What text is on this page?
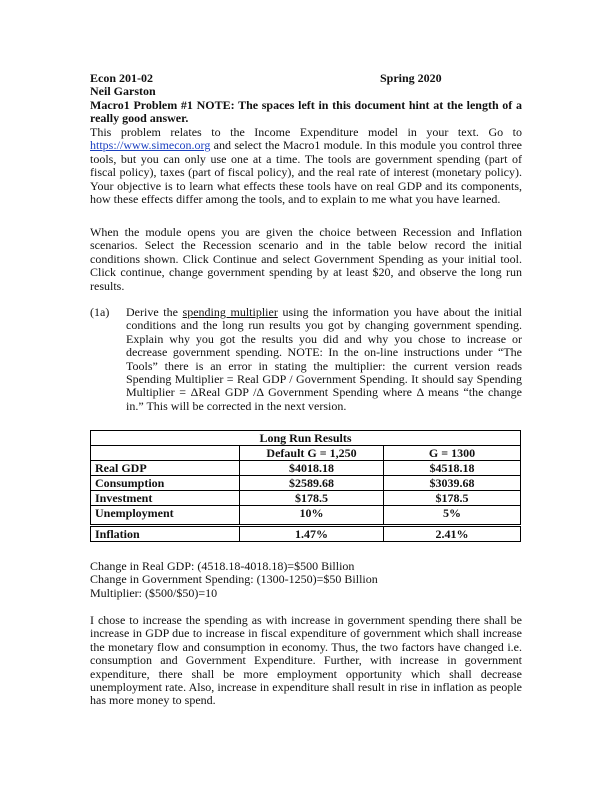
Econ 201-02	Spring 2020
Neil Garston
Macro1 Problem #1 NOTE: The spaces left in this document hint at the length of a really good answer.
This problem relates to the Income Expenditure model in your text. Go to https://www.simecon.org and select the Macro1 module. In this module you control three tools, but you can only use one at a time. The tools are government spending (part of fiscal policy), taxes (part of fiscal policy), and the real rate of interest (monetary policy). Your objective is to learn what effects these tools have on real GDP and its components, how these effects differ among the tools, and to explain to me what you have learned.
When the module opens you are given the choice between Recession and Inflation scenarios. Select the Recession scenario and in the table below record the initial conditions shown. Click Continue and select Government Spending as your initial tool. Click continue, change government spending by at least $20, and observe the long run results.
(1a)	Derive the spending multiplier using the information you have about the initial conditions and the long run results you got by changing government spending. Explain why you got the results you did and why you chose to increase or decrease government spending. NOTE: In the on-line instructions under “The Tools” there is an error in stating the multiplier: the current version reads Spending Multiplier = Real GDP / Government Spending. It should say Spending Multiplier = ΔReal GDP /Δ Government Spending where Δ means “the change in.” This will be corrected in the next version.
Long Run Results		
	Default G = 1,250	G = 1300
Real GDP	$4018.18	$4518.18
Consumption	$2589.68	$3039.68
Investment	$178.5	$178.5
Unemployment	10%	5%
Inflation	1.47%	2.41%
Change in Real GDP: (4518.18-4018.18)=$500 Billion
Change in Government Spending: (1300-1250)=$50 Billion
Multiplier: ($500/$50)=10
I chose to increase the spending as with increase in government spending there shall be increase in GDP due to increase in fiscal expenditure of government which shall increase the monetary flow and consumption in economy. Thus, the two factors have changed i.e. consumption and Government Expenditure. Further, with increase in government expenditure, there shall be more employment opportunity which shall decrease unemployment rate. Also, increase in expenditure shall result in rise in inflation as people has more money to spend.
